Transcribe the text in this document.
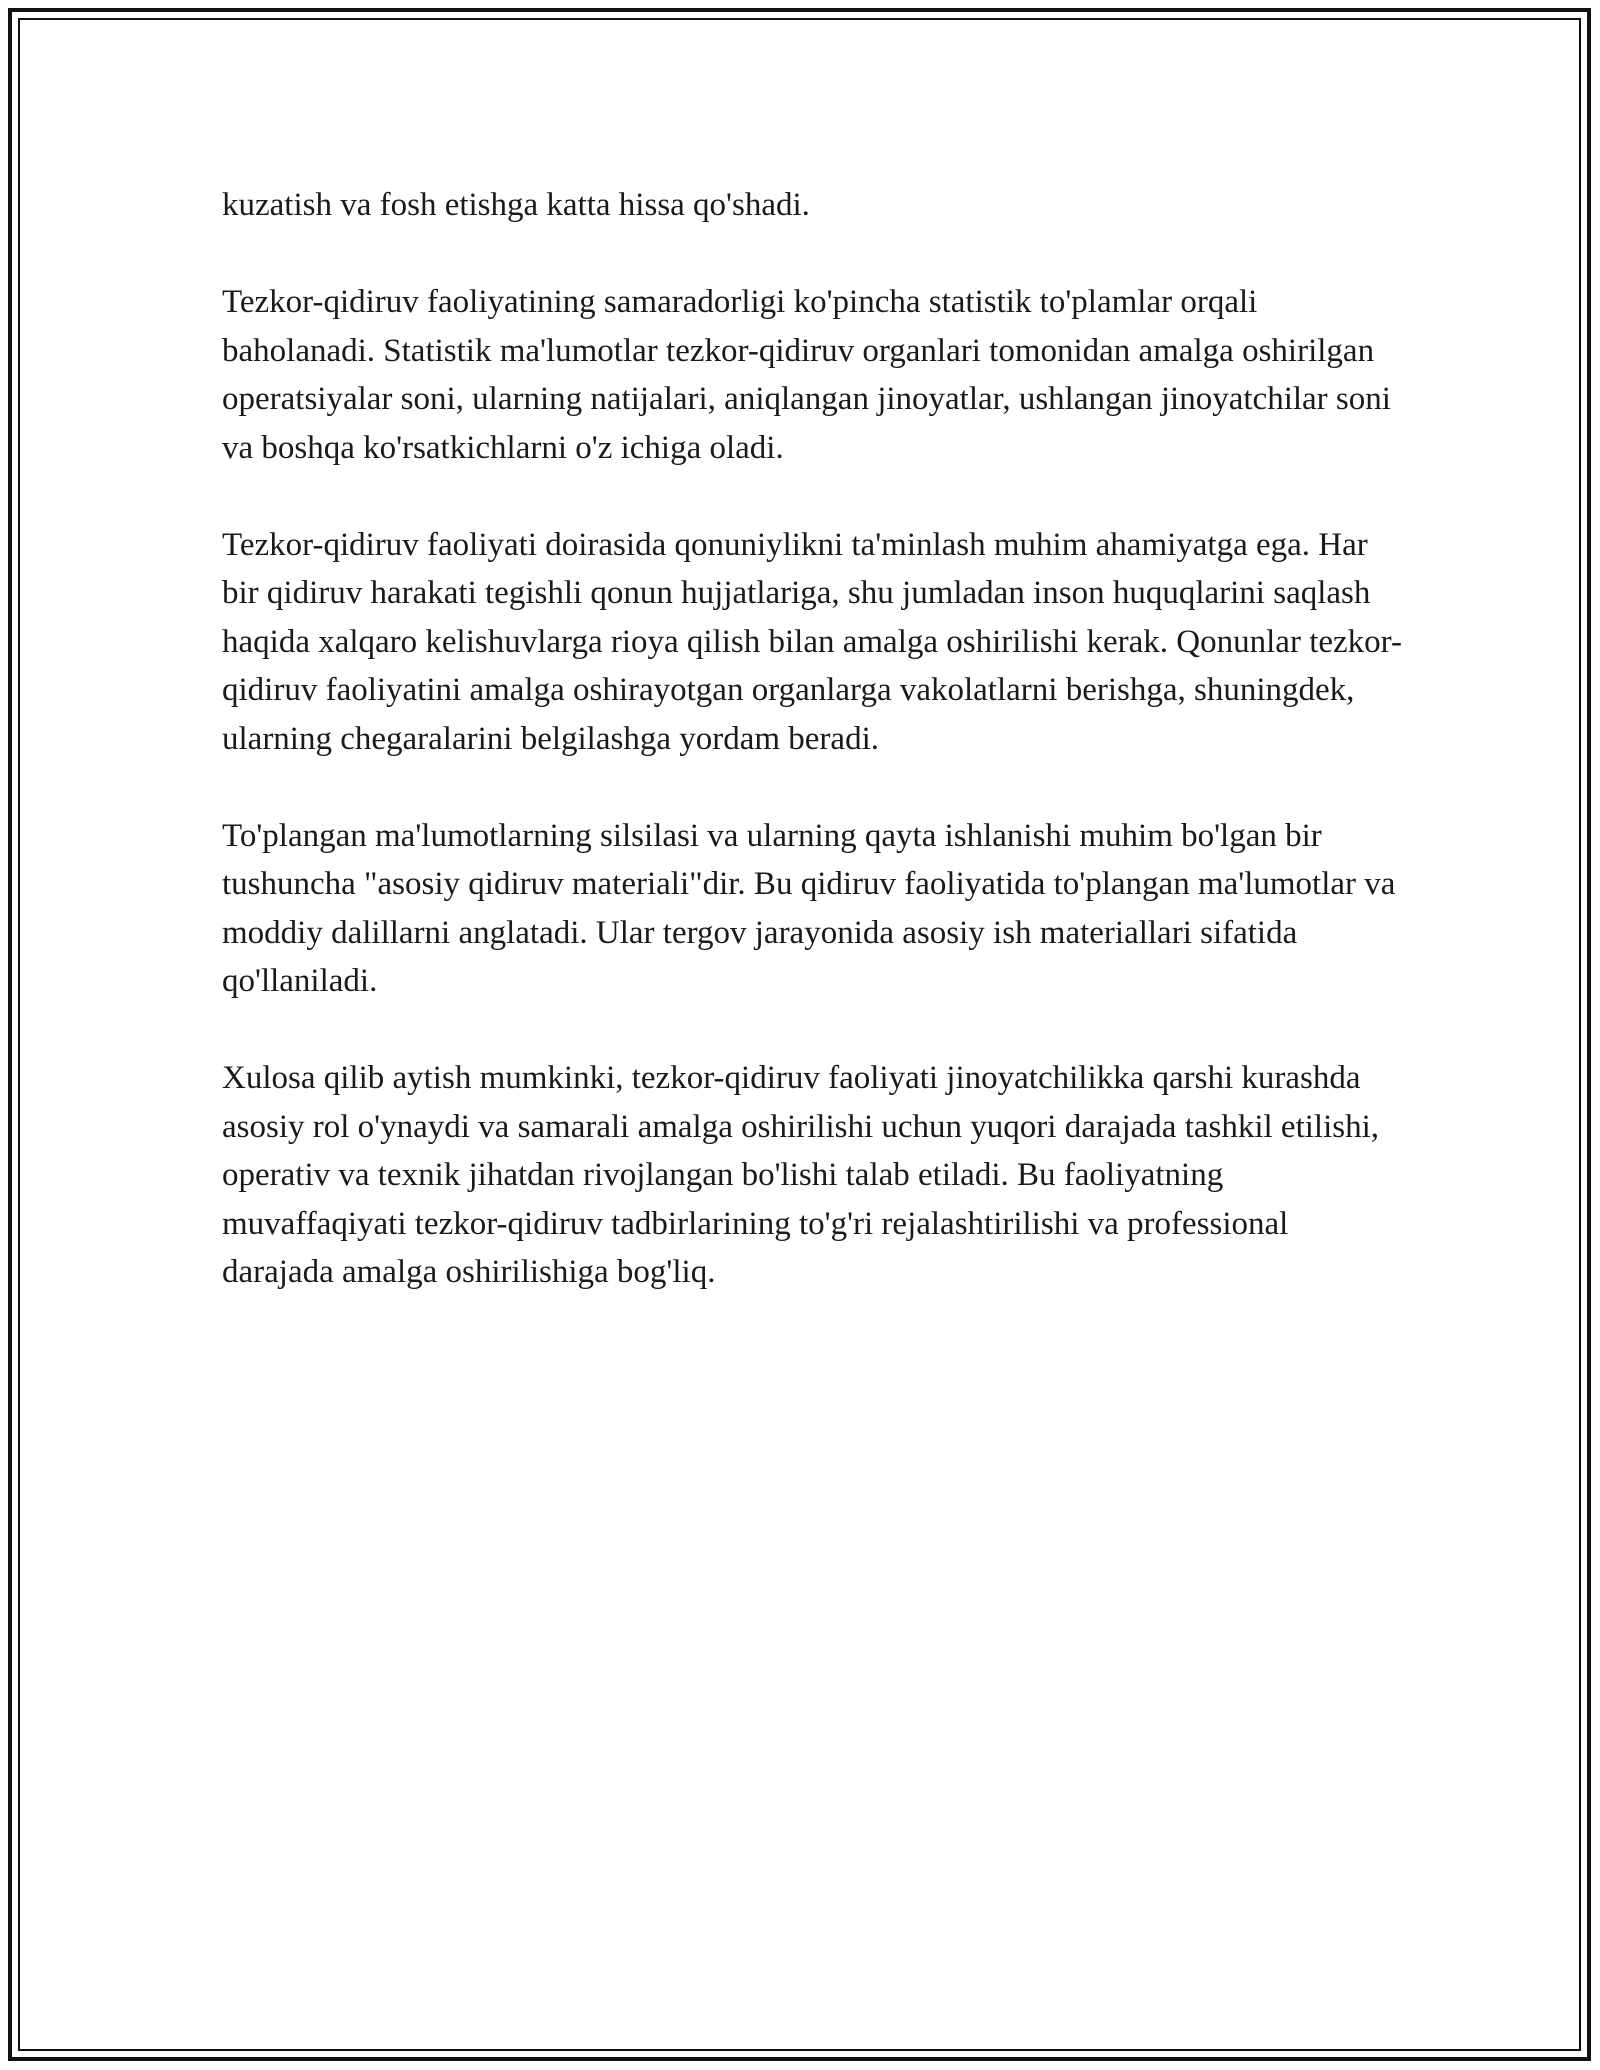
kuzatish va fosh etishga katta hissa qo'shadi.

Tezkor-qidiruv faoliyatining samaradorligi ko'pincha statistik to'plamlar orqali baholanadi. Statistik ma'lumotlar tezkor-qidiruv organlari tomonidan amalga oshirilgan operatsiyalar soni, ularning natijalari, aniqlangan jinoyatlar, ushlangan jinoyatchilar soni va boshqa ko'rsatkichlarni o'z ichiga oladi.

Tezkor-qidiruv faoliyati doirasida qonuniylikni ta'minlash muhim ahamiyatga ega. Har bir qidiruv harakati tegishli qonun hujjatlariga, shu jumladan inson huquqlarini saqlash haqida xalqaro kelishuvlarga rioya qilish bilan amalga oshirilishi kerak. Qonunlar tezkor-qidiruv faoliyatini amalga oshirayotgan organlarga vakolatlarni berishga, shuningdek, ularning chegaralarini belgilashga yordam beradi.

To'plangan ma'lumotlarning silsilasi va ularning qayta ishlanishi muhim bo'lgan bir tushuncha "asosiy qidiruv materiali"dir. Bu qidiruv faoliyatida to'plangan ma'lumotlar va moddiy dalillarni anglatadi. Ular tergov jarayonida asosiy ish materiallari sifatida qo'llaniladi.

Xulosa qilib aytish mumkinki, tezkor-qidiruv faoliyati jinoyatchilikka qarshi kurashda asosiy rol o'ynaydi va samarali amalga oshirilishi uchun yuqori darajada tashkil etilishi, operativ va texnik jihatdan rivojlangan bo'lishi talab etiladi. Bu faoliyatning muvaffaqiyati tezkor-qidiruv tadbirlarining to'g'ri rejalashtirilishi va professional darajada amalga oshirilishiga bog'liq.
